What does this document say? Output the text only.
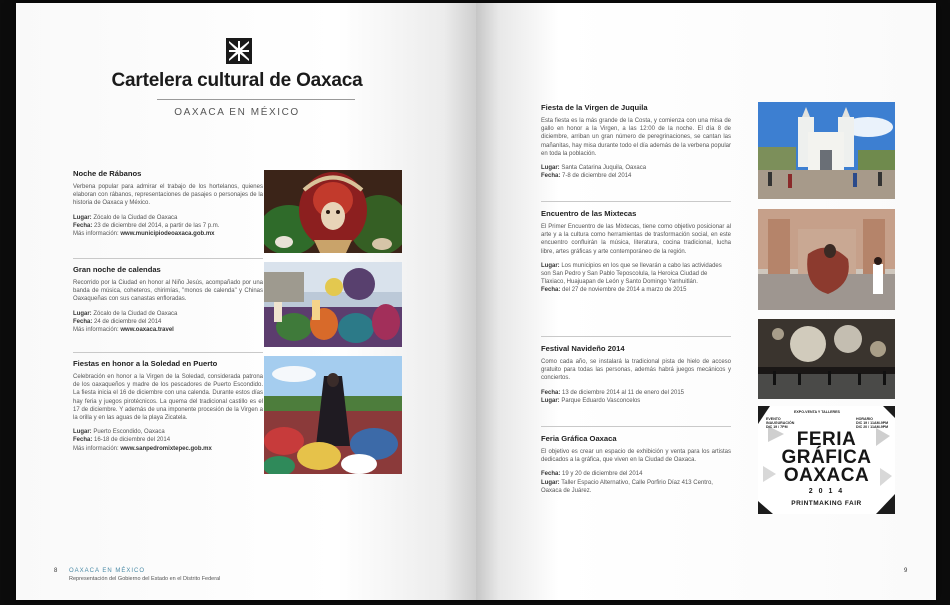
Cartelera cultural de Oaxaca
OAXACA EN MÉXICO
Noche de Rábanos
Verbena popular para admirar el trabajo de los hortelanos, quienes elaboran con rábanos, representaciones de pasajes o personajes de la historia de Oaxaca y México.
Lugar: Zócalo de la Ciudad de Oaxaca
Fecha: 23 de diciembre del 2014, a partir de las 7 p.m.
Más información: www.municipiodeoaxaca.gob.mx
Gran noche de calendas
Recorrido por la Ciudad en honor al Niño Jesús, acompañado por una banda de música, coheteros, chirimías, "monos de calenda" y Chinas Oaxaqueñas con sus canastas enfloradas.
Lugar: Zócalo de la Ciudad de Oaxaca
Fecha: 24 de diciembre del 2014
Más información: www.oaxaca.travel
Fiestas en honor a la Soledad en Puerto
Celebración en honor a la Virgen de la Soledad, considerada patrona de los oaxaqueños y madre de los pescadores de Puerto Escondido. La fiesta inicia el 16 de diciembre con una calenda. Durante estos días hay feria y juegos pirotécnicos. La quema del tradicional castillo es el 17 de diciembre. Y además de una imponente procesión de la Virgen a la orilla y en las aguas de la playa Zicatela.
Lugar: Puerto Escondido, Oaxaca
Fecha: 16-18 de diciembre del 2014
Más información: www.sanpedromixtepec.gob.mx
8 OAXACA EN MÉXICO
Representación del Gobierno del Estado en el Distrito Federal
Fiesta de la Virgen de Juquila
Esta fiesta es la más grande de la Costa, y comienza con una misa de gallo en honor a la Virgen, a las 12:00 de la noche. El día 8 de diciembre, arriban un gran número de peregrinaciones, se cantan las mañanitas, hay misa durante todo el día además de la verbena popular en toda la población.
Lugar: Santa Catarina Juquila, Oaxaca
Fecha: 7-8 de diciembre del 2014
Encuentro de las Mixtecas
El Primer Encuentro de las Mixtecas, tiene como objetivo posicionar al arte y a la cultura como herramientas de trasformación social, en este encuentro confluirán la música, literatura, cocina tradicional, lucha libre, artes gráficas y arte contemporáneo de la región.
Lugar: Los municipios en los que se llevarán a cabo las actividades son San Pedro y San Pablo Teposcolula, la Heroica Ciudad de Tlaxiaco, Huajuapan de León y Santo Domingo Yanhuitlán.
Fecha: del 27 de noviembre de 2014 a marzo de 2015
Festival Navideño 2014
Como cada año, se instalará la tradicional pista de hielo de acceso gratuito para todas las personas, además habrá juegos mecánicos y conciertos.
Fecha: 13 de diciembre 2014 al 11 de enero del 2015
Lugar: Parque Eduardo Vasconcelos
Feria Gráfica Oaxaca
El objetivo es crear un espacio de exhibición y venta para los artistas dedicados a la gráfica, que viven en la Ciudad de Oaxaca.
Fecha: 19 y 20 de diciembre del 2014
Lugar: Taller Espacio Alternativo, Calle Porfirio Díaz 413 Centro, Oaxaca de Juárez.
EXPO-VENTA Y TALLERES
EVENTO
INAUGURACIÓN
DIC 19 / 7PM
HORARIO
DIC 19 / 11AM-9PM
DIC 20 / 11AM-9PM
FERIA
GRÁFICA
OAXACA
2 0 1 4
PRINTMAKING FAIR
9
